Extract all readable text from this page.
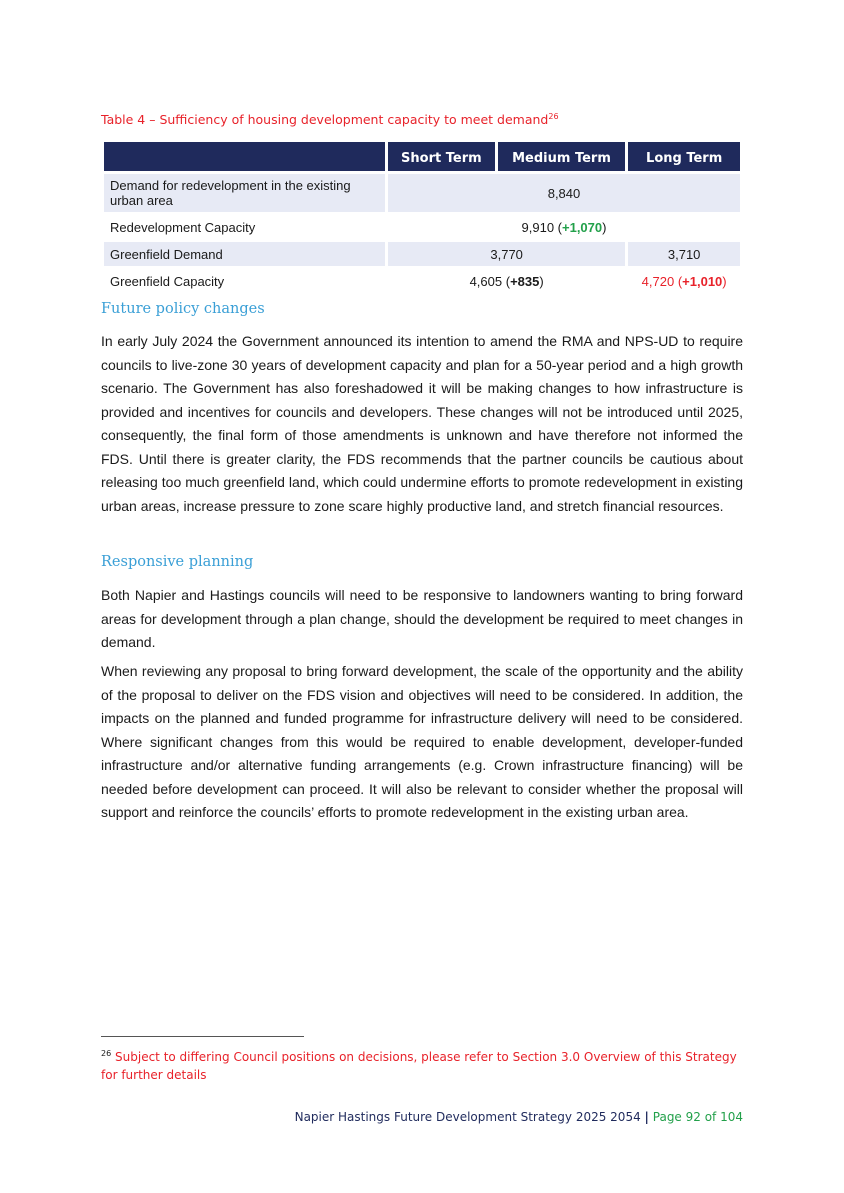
Table 4 – Sufficiency of housing development capacity to meet demand$^{26}$
	Short Term	Medium Term	Long Term
Demand for redevelopment in the existing urban area	8,840		
Redevelopment Capacity	9,910 (+1,070)		
Greenfield Demand	3,770		3,710
Greenfield Capacity	4,605 (+835)		4,720 (+1,010)
Future policy changes

In early July 2024 the Government announced its intention to amend the RMA and NPS-UD to require councils to live-zone 30 years of development capacity and plan for a 50-year period and a high growth scenario. The Government has also foreshadowed it will be making changes to how infrastructure is provided and incentives for councils and developers. These changes will not be introduced until 2025, consequently, the final form of those amendments is unknown and have therefore not informed the FDS. Until there is greater clarity, the FDS recommends that the partner councils be cautious about releasing too much greenfield land, which could undermine efforts to promote redevelopment in existing urban areas, increase pressure to zone scare highly productive land, and stretch financial resources.

Responsive planning

Both Napier and Hastings councils will need to be responsive to landowners wanting to bring forward areas for development through a plan change, should the development be required to meet changes in demand.

When reviewing any proposal to bring forward development, the scale of the opportunity and the ability of the proposal to deliver on the FDS vision and objectives will need to be considered. In addition, the impacts on the planned and funded programme for infrastructure delivery will need to be considered. Where significant changes from this would be required to enable development, developer-funded infrastructure and/or alternative funding arrangements (e.g. Crown infrastructure financing) will be needed before development can proceed. It will also be relevant to consider whether the proposal will support and reinforce the councils’ efforts to promote redevelopment in the existing urban area.

$^{26}$ Subject to differing Council positions on decisions, please refer to Section 3.0 Overview of this Strategy for further details
Napier Hastings Future Development Strategy 2025 2054 | Page 92 of 104
